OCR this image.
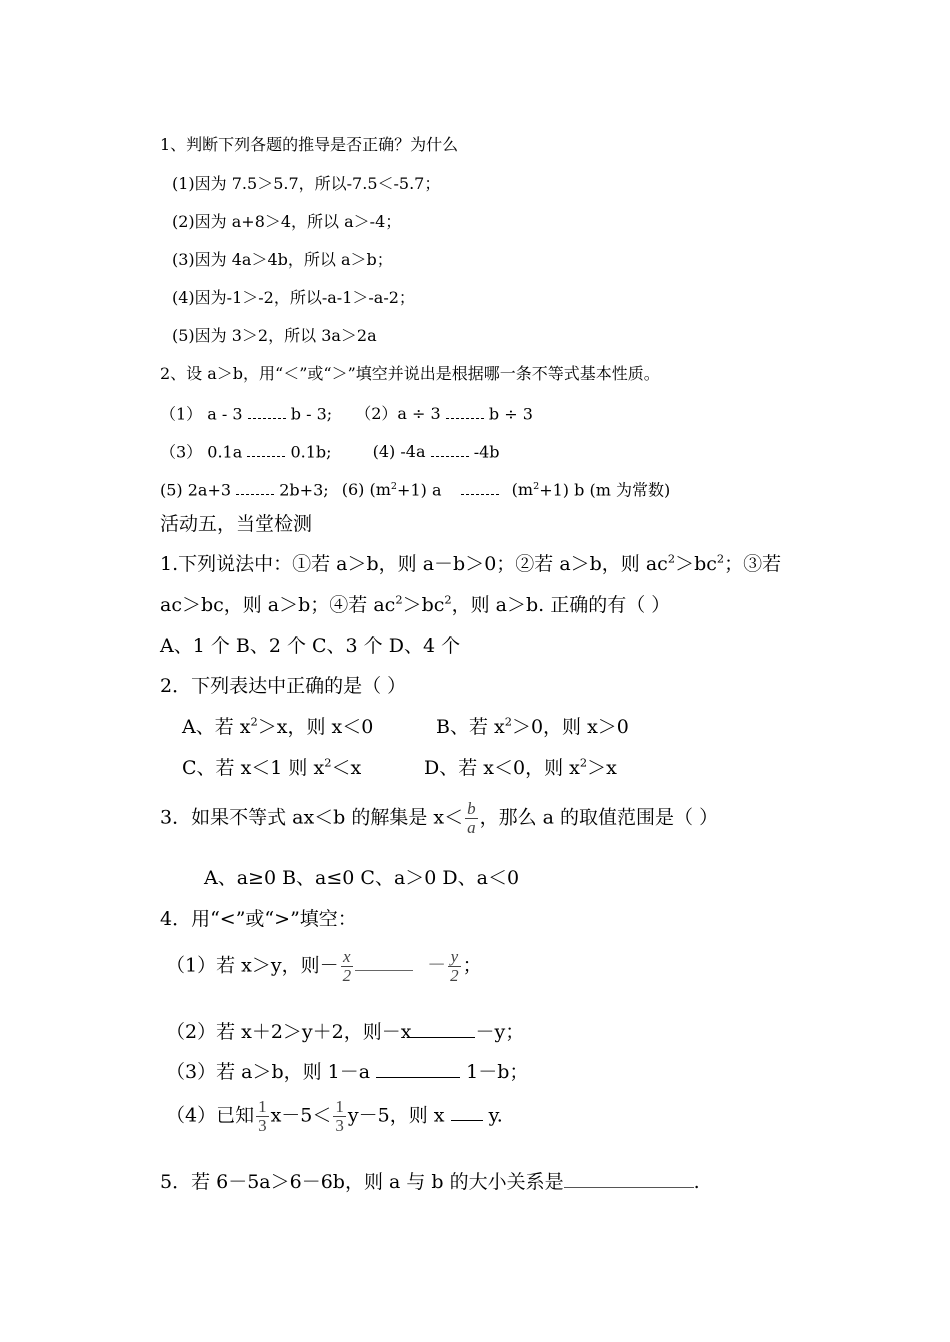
1、判断下列各题的推导是否正确？为什么
(1)因为 7.5＞5.7，所以-7.5＜-5.7；
(2)因为 a+8＞4，所以 a＞-4；
(3)因为 4a＞4b，所以 a＞b；
(4)因为-1＞-2，所以-a-1＞-a-2；
(5)因为 3＞2，所以 3a＞2a
2、设 a＞b，用“＜”或“＞”填空并说出是根据哪一条不等式基本性质。
（1） a - 3	b - 3; （2）a ÷ 3	b ÷ 3
（3） 0.1a	0.1b;	(4) -4a	-4b
(5) 2a+3	2b+3; (6) $(m^2+1)$ a	$(m^2+1)$ b (m 为常数)
活动五，当堂检测
1.下列说法中：①若 a＞b，则 a－b＞0；②若 a＞b，则 $ac^2>bc^2$；③若
ac＞bc，则 a＞b；④若 $ac^2>bc^2$，则 a＞b. 正确的有（ ）
A、1 个 B、2 个 C、3 个 D、4 个
2．下列表达中正确的是（ ）
A、若 $x^2>x$，则 x＜0	B、若 $x^2>0$，则 x＞0
C、若 x＜1 则 $x^2<x$	D、若 x＜0，则 $x^2>x$
3．如果不等式 ax＜b 的解集是 $x< \frac{b}{a}$ ，那么 a 的取值范围是（ ）
A、a≥0 B、a≤0 C、a＞0 D、a＜0
4．用“<”或“>”填空：
（1）若 x＞y，则－ $\frac{x}{2}$	－ $\frac{y}{2}$ ；
（2）若 x＋2＞y＋2，则－x	－y；
（3）若 a＞b，则 1－a	1－b；
（4）已知 $\frac{1}{3} x-5< \frac{1}{3} y-5$，则 x  y.
5．若 6－5a＞6－6b，则 a 与 b 的大小关系是	.
